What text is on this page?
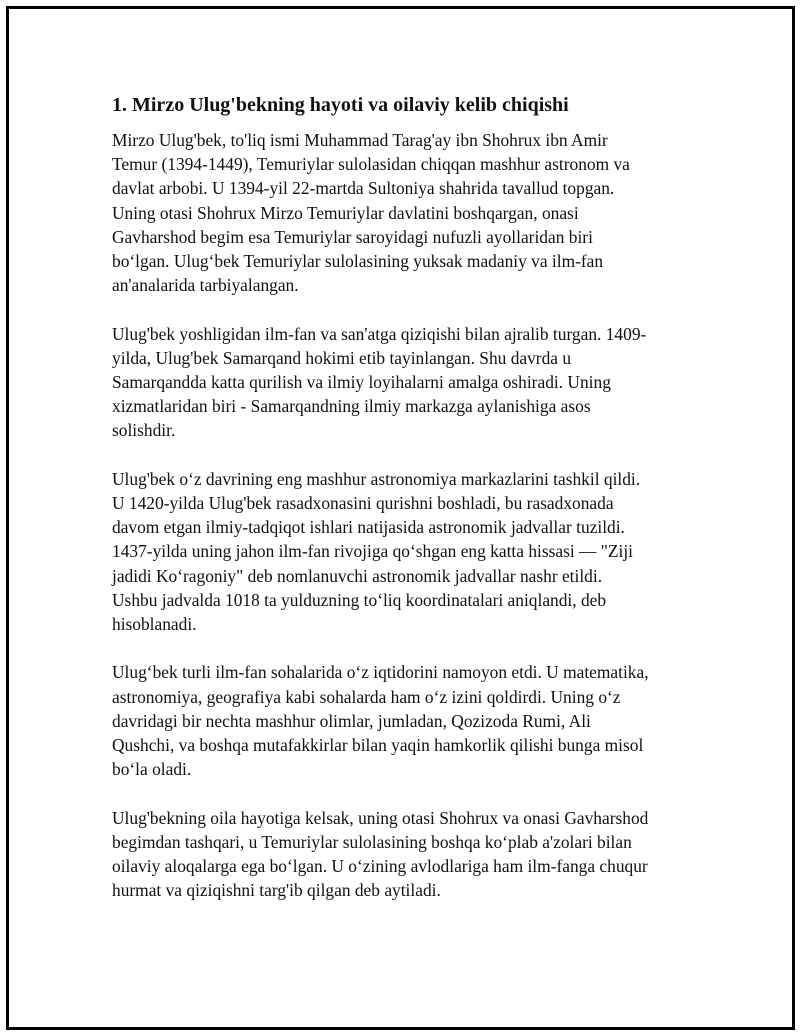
1. Mirzo Ulug'bekning hayoti va oilaviy kelib chiqishi

Mirzo Ulug'bek, to'liq ismi Muhammad Tarag'ay ibn Shohrux ibn Amir
Temur (1394-1449), Temuriylar sulolasidan chiqqan mashhur astronom va
davlat arbobi. U 1394-yil 22-martda Sultoniya shahrida tavallud topgan.
Uning otasi Shohrux Mirzo Temuriylar davlatini boshqargan, onasi
Gavharshod begim esa Temuriylar saroyidagi nufuzli ayollaridan biri
bo‘lgan. Ulug‘bek Temuriylar sulolasining yuksak madaniy va ilm-fan
an'analarida tarbiyalangan.

Ulug'bek yoshligidan ilm-fan va san'atga qiziqishi bilan ajralib turgan. 1409-
yilda, Ulug'bek Samarqand hokimi etib tayinlangan. Shu davrda u
Samarqandda katta qurilish va ilmiy loyihalarni amalga oshiradi. Uning
xizmatlaridan biri - Samarqandning ilmiy markazga aylanishiga asos
solishdir.

Ulug'bek o‘z davrining eng mashhur astronomiya markazlarini tashkil qildi.
U 1420-yilda Ulug'bek rasadxonasini qurishni boshladi, bu rasadxonada
davom etgan ilmiy-tadqiqot ishlari natijasida astronomik jadvallar tuzildi.
1437-yilda uning jahon ilm-fan rivojiga qo‘shgan eng katta hissasi — "Ziji
jadidi Ko‘ragoniy" deb nomlanuvchi astronomik jadvallar nashr etildi.
Ushbu jadvalda 1018 ta yulduzning to‘liq koordinatalari aniqlandi, deb
hisoblanadi.

Ulug‘bek turli ilm-fan sohalarida o‘z iqtidorini namoyon etdi. U matematika,
astronomiya, geografiya kabi sohalarda ham o‘z izini qoldirdi. Uning o‘z
davridagi bir nechta mashhur olimlar, jumladan, Qozizoda Rumi, Ali
Qushchi, va boshqa mutafakkirlar bilan yaqin hamkorlik qilishi bunga misol
bo‘la oladi.

Ulug'bekning oila hayotiga kelsak, uning otasi Shohrux va onasi Gavharshod
begimdan tashqari, u Temuriylar sulolasining boshqa ko‘plab a'zolari bilan
oilaviy aloqalarga ega bo‘lgan. U o‘zining avlodlariga ham ilm-fanga chuqur
hurmat va qiziqishni targ'ib qilgan deb aytiladi.
